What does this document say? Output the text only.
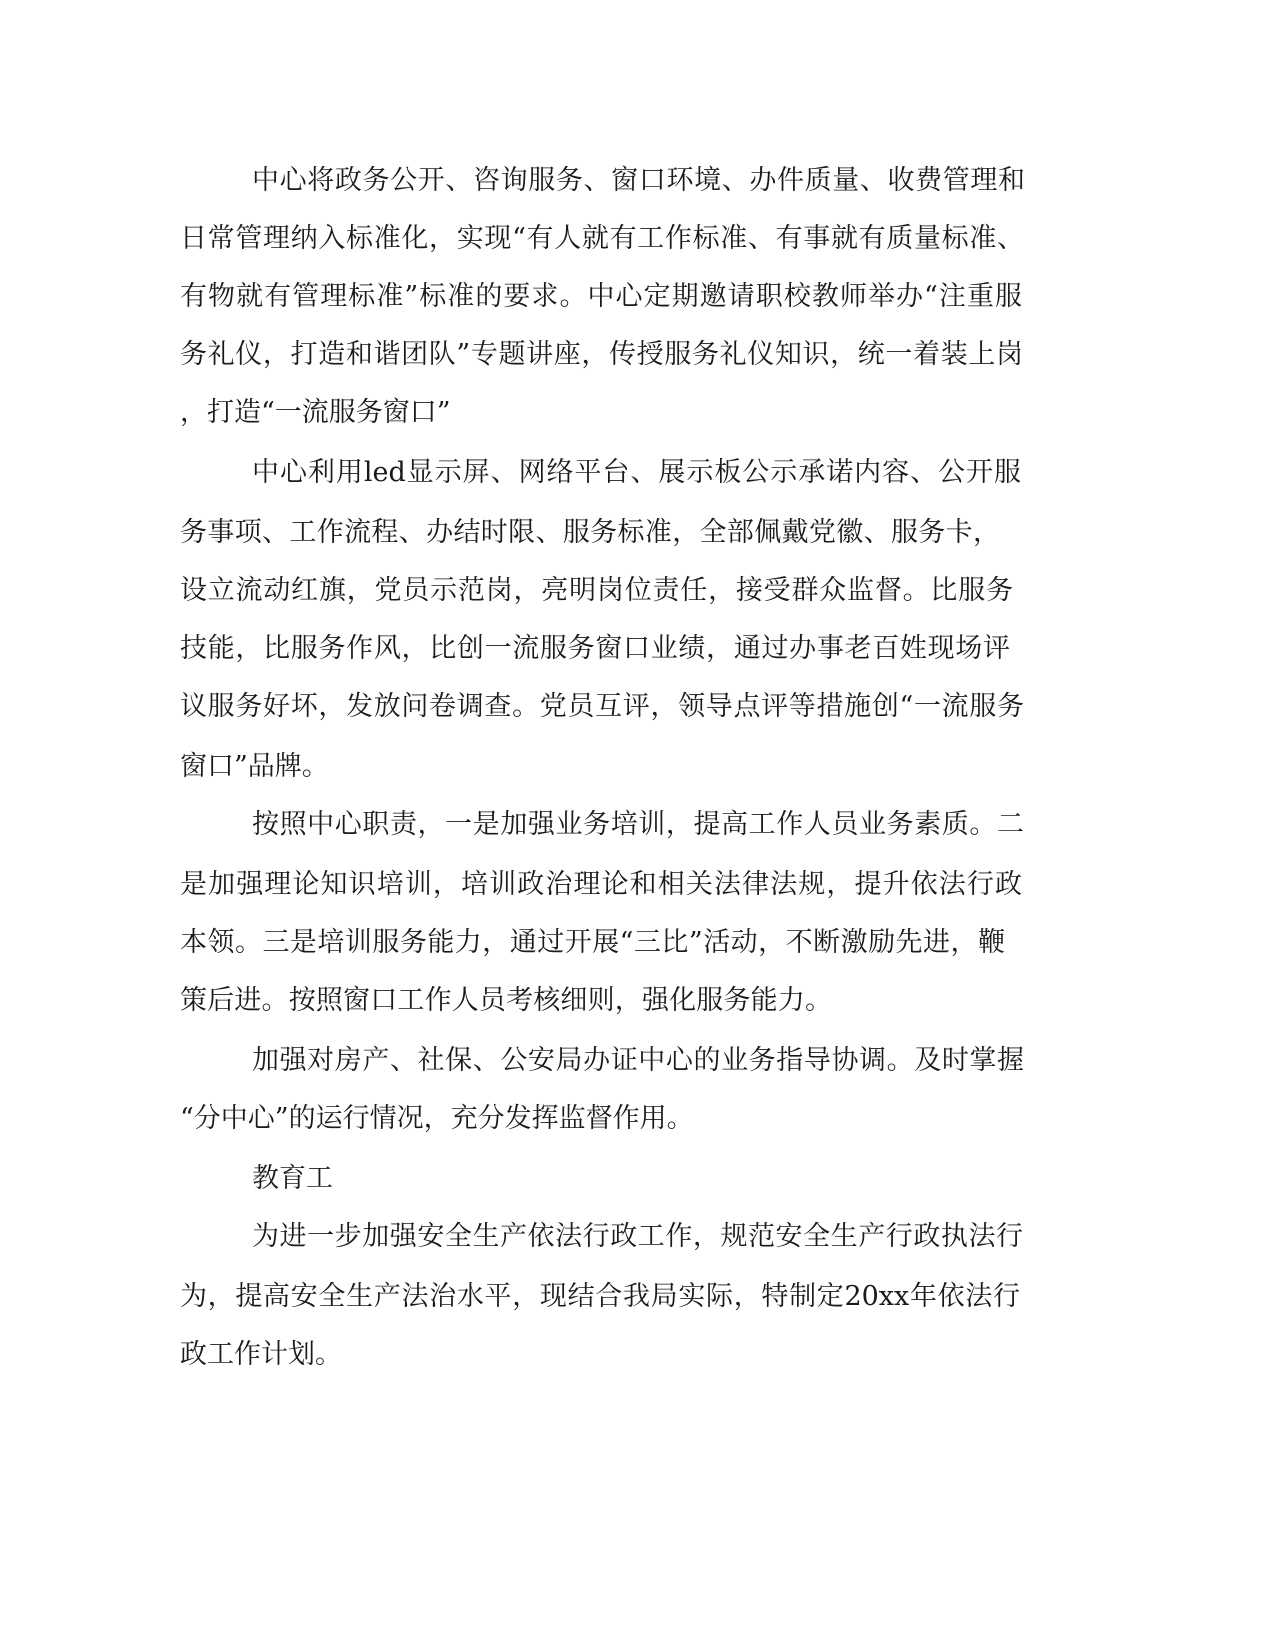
中心将政务公开、咨询服务、窗口环境、办件质量、收费管理和
日常管理纳入标准化，实现“有人就有工作标准、有事就有质量标准、
有物就有管理标准”标准的要求。中心定期邀请职校教师举办“注重服
务礼仪，打造和谐团队”专题讲座，传授服务礼仪知识，统一着装上岗
，打造“一流服务窗口”
中心利用led显示屏、网络平台、展示板公示承诺内容、公开服
务事项、工作流程、办结时限、服务标准，全部佩戴党徽、服务卡，
设立流动红旗，党员示范岗，亮明岗位责任，接受群众监督。比服务
技能，比服务作风，比创一流服务窗口业绩，通过办事老百姓现场评
议服务好坏，发放问卷调查。党员互评，领导点评等措施创“一流服务
窗口”品牌。
按照中心职责，一是加强业务培训，提高工作人员业务素质。二
是加强理论知识培训，培训政治理论和相关法律法规，提升依法行政
本领。三是培训服务能力，通过开展“三比”活动，不断激励先进，鞭
策后进。按照窗口工作人员考核细则，强化服务能力。
加强对房产、社保、公安局办证中心的业务指导协调。及时掌握
“分中心”的运行情况，充分发挥监督作用。
教育工
为进一步加强安全生产依法行政工作，规范安全生产行政执法行
为，提高安全生产法治水平，现结合我局实际，特制定20xx年依法行
政工作计划。
